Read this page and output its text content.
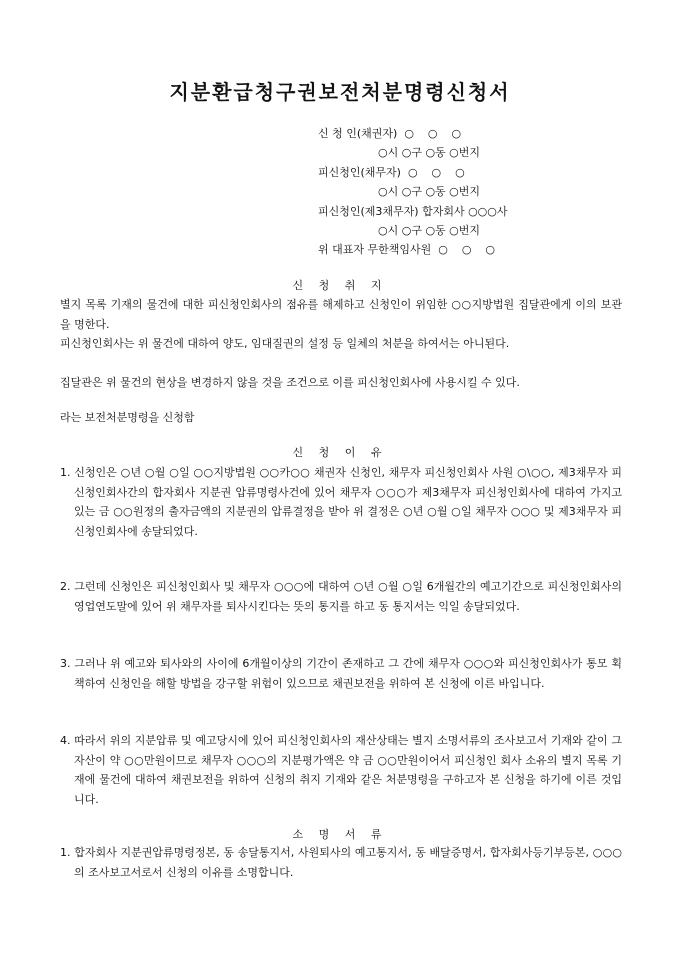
지분환급청구권보전처분명령신청서
신 청 인(채권자)  ○    ○    ○
○시 ○구 ○동 ○번지
피신청인(채무자)  ○    ○    ○
○시 ○구 ○동 ○번지
피신청인(제3채무자) 합자회사 ○○○사
○시 ○구 ○동 ○번지
위 대표자 무한책임사원  ○    ○    ○
신 청 취 지
별지 목록 기재의 물건에 대한 피신청인회사의 점유를 해제하고 신청인이 위임한 ○○지방법원 집달관에게 이의 보관을 명한다.
피신청인회사는 위 물건에 대하여 양도, 임대질권의 설정 등 일체의 처분을 하여서는 아니된다.
집달관은 위 물건의 현상을 변경하지 않을 것을 조건으로 이를 피신청인회사에 사용시킬 수 있다.
라는 보전처분명령을 신청함
신 청 이 유
1. 신청인은 ○년 ○월 ○일 ○○지방법원 ○○카○○ 채권자 신청인, 채무자 피신청인회사 사원 ○\○○, 제3채무자 피신청인회사간의 합자회사 지분권 압류명령사건에 있어 채무자 ○○○가 제3채무자 피신청인회사에 대하여 가지고 있는 금 ○○원정의 출자금액의 지분권의 압류결정을 받아 위 결정은 ○년 ○월 ○일 채무자 ○○○ 및 제3채무자 피신청인회사에 송달되었다.
2. 그런데 신청인은 피신청인회사 및 채무자 ○○○에 대하여 ○년 ○월 ○일 6개월간의 예고기간으로 피신청인회사의 영업연도말에 있어 위 채무자를 퇴사시킨다는 뜻의 통지를 하고 동 통지서는 익일 송달되었다.
3. 그러나 위 예고와 퇴사와의 사이에 6개월이상의 기간이 존재하고 그 간에 채무자 ○○○와 피신청인회사가 통모 획책하여 신청인을 해할 방법을 강구할 위험이 있으므로 채권보전을 위하여 본 신청에 이른 바입니다.
4. 따라서 위의 지분압류 및 예고당시에 있어 피신청인회사의 재산상태는 별지 소명서류의 조사보고서 기재와 같이 그 자산이 약 ○○만원이므로 채무자 ○○○의 지분평가액은 약 금 ○○만원이어서 피신청인 회사 소유의 별지 목록 기재에 물건에 대하여 채권보전을 위하여 신청의 취지 기재와 같은 처분명령을 구하고자 본 신청을 하기에 이른 것입니다.
소 명 서 류
1. 합자회사 지분권압류명령정본, 동 송달통지서, 사원퇴사의 예고통지서, 동 배달증명서, 합자회사등기부등본, ○○○의 조사보고서로서 신청의 이유를 소명합니다.
